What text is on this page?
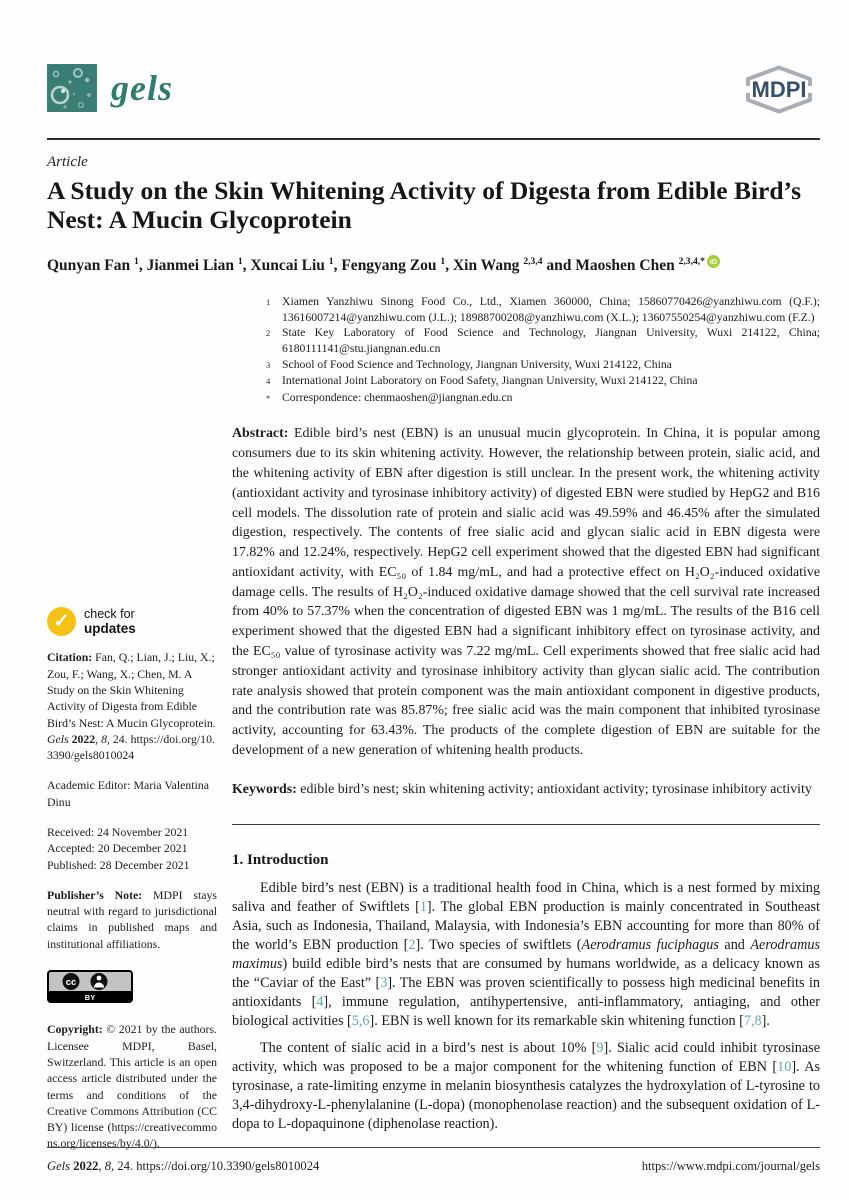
gels	MDPI
Article
A Study on the Skin Whitening Activity of Digesta from Edible Bird’s Nest: A Mucin Glycoprotein
Qunyan Fan $^1$, Jianmei Lian $^1$, Xuncai Liu $^1$, Fengyang Zou $^1$, Xin Wang $^{2,3,4}$ and Maoshen Chen $^{2,3,4,*}$ iD
1	Xiamen Yanzhiwu Sinong Food Co., Ltd., Xiamen 360000, China; 15860770426@yanzhiwu.com (Q.F.); 13616007214@yanzhiwu.com (J.L.); 18988700208@yanzhiwu.com (X.L.); 13607550254@yanzhiwu.com (F.Z.)
2	State Key Laboratory of Food Science and Technology, Jiangnan University, Wuxi 214122, China; 6180111141@stu.jiangnan.edu.cn
3	School of Food Science and Technology, Jiangnan University, Wuxi 214122, China
4	International Joint Laboratory on Food Safety, Jiangnan University, Wuxi 214122, China
*	Correspondence: chenmaoshen@jiangnan.edu.cn
✓	check for
updates
Citation: Fan, Q.; Lian, J.; Liu, X.; Zou, F.; Wang, X.; Chen, M. A Study on the Skin Whitening Activity of Digesta from Edible Bird’s Nest: A Mucin Glycoprotein. Gels 2022, 8, 24. https://doi.org/10.3390/gels8010024
Academic Editor: Maria Valentina Dinu
Received: 24 November 2021
Accepted: 20 December 2021
Published: 28 December 2021
Publisher’s Note: MDPI stays neutral with regard to jurisdictional claims in published maps and institutional affiliations.
cc
BY
Copyright: © 2021 by the authors. Licensee MDPI, Basel, Switzerland. This article is an open access article distributed under the terms and conditions of the Creative Commons Attribution (CC BY) license (https://creativecommons.org/licenses/by/4.0/).

Abstract: Edible bird’s nest (EBN) is an unusual mucin glycoprotein. In China, it is popular among consumers due to its skin whitening activity. However, the relationship between protein, sialic acid, and the whitening activity of EBN after digestion is still unclear. In the present work, the whitening activity (antioxidant activity and tyrosinase inhibitory activity) of digested EBN were studied by HepG2 and B16 cell models. The dissolution rate of protein and sialic acid was 49.59% and 46.45% after the simulated digestion, respectively. The contents of free sialic acid and glycan sialic acid in EBN digesta were 17.82% and 12.24%, respectively. HepG2 cell experiment showed that the digested EBN had significant antioxidant activity, with EC₅₀ of 1.84 mg/mL, and had a protective effect on H₂O₂-induced oxidative damage cells. The results of H₂O₂-induced oxidative damage showed that the cell survival rate increased from 40% to 57.37% when the concentration of digested EBN was 1 mg/mL. The results of the B16 cell experiment showed that the digested EBN had a significant inhibitory effect on tyrosinase activity, and the EC₅₀ value of tyrosinase activity was 7.22 mg/mL. Cell experiments showed that free sialic acid had stronger antioxidant activity and tyrosinase inhibitory activity than glycan sialic acid. The contribution rate analysis showed that protein component was the main antioxidant component in digestive products, and the contribution rate was 85.87%; free sialic acid was the main component that inhibited tyrosinase activity, accounting for 63.43%. The products of the complete digestion of EBN are suitable for the development of a new generation of whitening health products.

Keywords: edible bird’s nest; skin whitening activity; antioxidant activity; tyrosinase inhibitory activity

1. Introduction

Edible bird’s nest (EBN) is a traditional health food in China, which is a nest formed by mixing saliva and feather of Swiftlets [1]. The global EBN production is mainly concentrated in Southeast Asia, such as Indonesia, Thailand, Malaysia, with Indonesia’s EBN accounting for more than 80% of the world’s EBN production [2]. Two species of swiftlets (Aerodramus fuciphagus and Aerodramus maximus) build edible bird’s nests that are consumed by humans worldwide, as a delicacy known as the “Caviar of the East” [3]. The EBN was proven scientifically to possess high medicinal benefits in antioxidants [4], immune regulation, antihypertensive, anti-inflammatory, antiaging, and other biological activities [5,6]. EBN is well known for its remarkable skin whitening function [7,8].

The content of sialic acid in a bird’s nest is about 10% [9]. Sialic acid could inhibit tyrosinase activity, which was proposed to be a major component for the whitening function of EBN [10]. As tyrosinase, a rate-limiting enzyme in melanin biosynthesis catalyzes the hydroxylation of L-tyrosine to 3,4-dihydroxy-L-phenylalanine (L-dopa) (monophenolase reaction) and the subsequent oxidation of L-dopa to L-dopaquinone (diphenolase reaction).

Gels 2022, 8, 24. https://doi.org/10.3390/gels8010024	https://www.mdpi.com/journal/gels
